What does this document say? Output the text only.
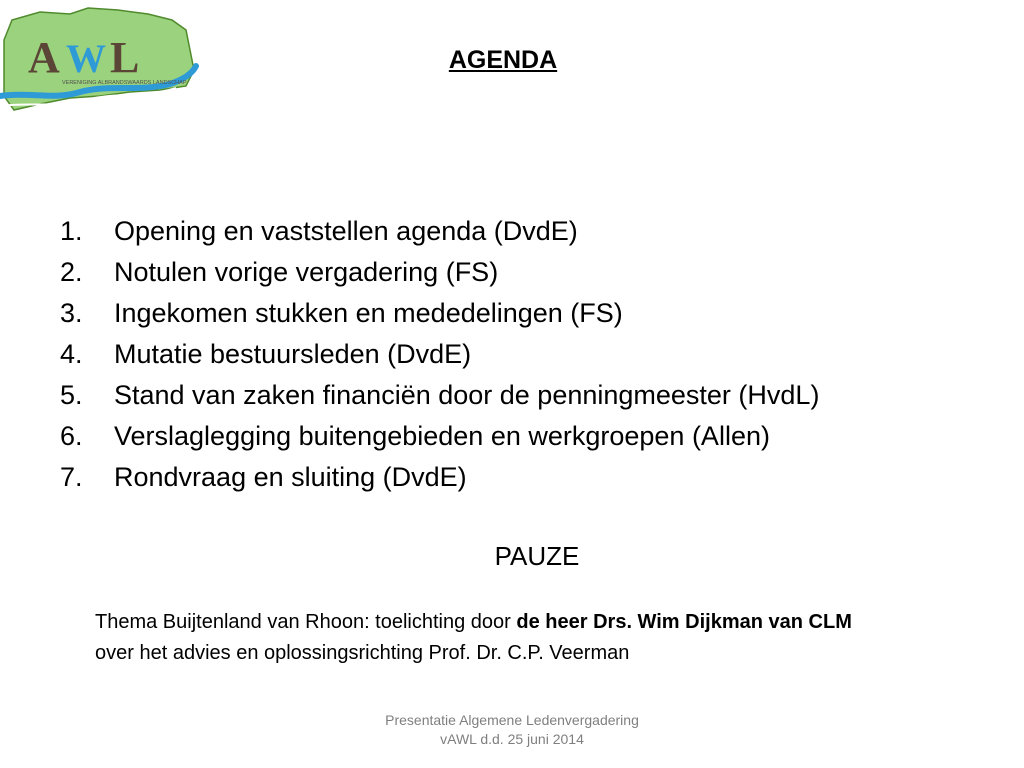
A W L
VERENIGING ALBRANDSWAARDS LANDSCHAP
AGENDA
1. Opening en vaststellen agenda (DvdE)
2. Notulen vorige vergadering (FS)
3. Ingekomen stukken en mededelingen (FS)
4. Mutatie bestuursleden (DvdE)
5. Stand van zaken financiën door de penningmeester (HvdL)
6. Verslaglegging buitengebieden en werkgroepen (Allen)
7. Rondvraag en sluiting (DvdE)
PAUZE
Thema Buijtenland van Rhoon: toelichting door de heer Drs. Wim Dijkman van CLM over het advies en oplossingsrichting Prof. Dr. C.P. Veerman
Presentatie Algemene Ledenvergadering
vAWL d.d. 25 juni 2014
